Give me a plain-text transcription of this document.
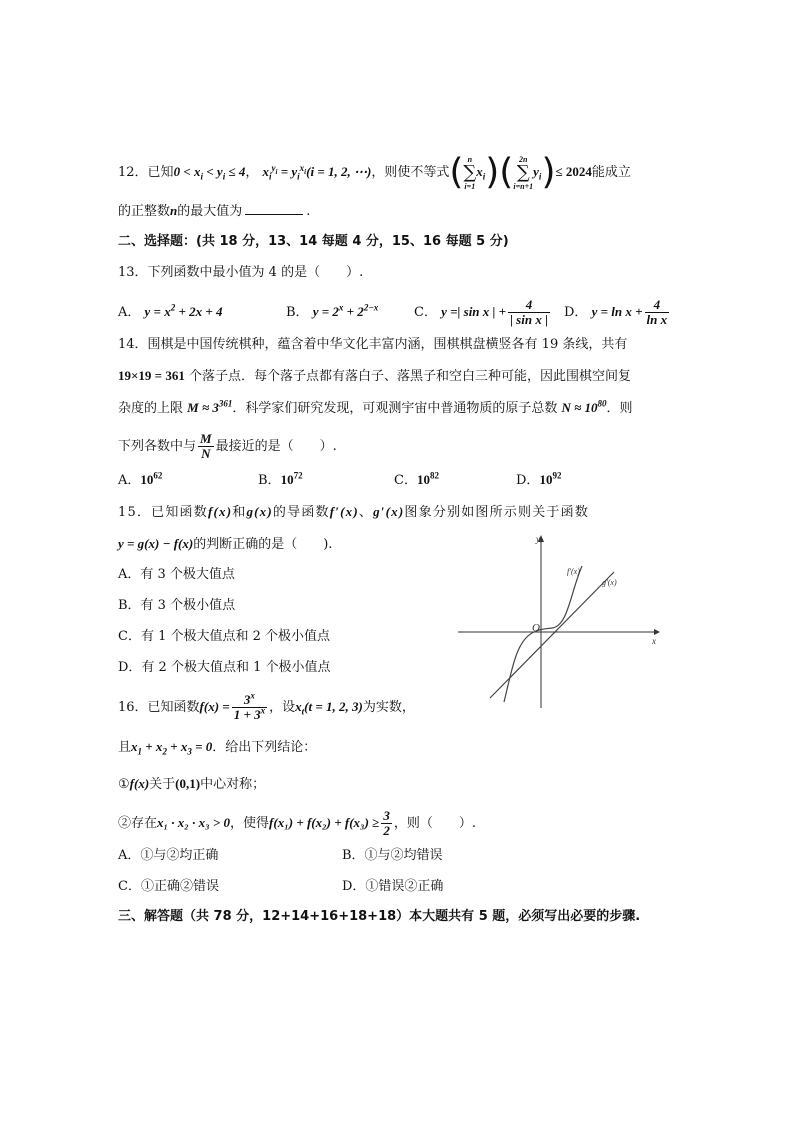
12．已知$0 < x_i < y_i \le 4$， $x_i^{y_i} = y_i^{x_i}(i = 1$, 2, ⋯)，则使不等式( n
∑
i=1
$x_i$)( 2n
∑
i=n+1
$y_i)\le 2024$能成立
的正整数n的最大值为	.
二、选择题：(共 18 分，13、14 每题 4 分，15、16 每题 5 分)
13．下列函数中最小值为 4 的是（　　）.
A． $y = x^2 + 2x + 4$	B． $y = 2^x + 2^{2-x}$	C． y =| sin x | + $\frac{4}{\text{| sin x |}}$ D． $y = \ln x + \frac{4}{\text{ln x}}$
14．围棋是中国传统棋种，蕴含着中华文化丰富内涵，围棋棋盘横竖各有 19 条线，共有
19×19 = 361 个落子点．每个落子点都有落白子、落黑子和空白三种可能，因此围棋空间复
杂度的上限 $M \approx 3^{361}$．科学家们研究发现，可观测宇宙中普通物质的原子总数 $N \approx 10^{80}$．则
下列各数中与 $\frac{M}{N}$ 最接近的是（　　）.
A．$10^{62}$	B．$10^{72}$	C．$10^{82}$	D．$10^{92}$
15．已知函数f(x)和g(x)的导函数f′(x)、g′(x)图象分别如图所示则关于函数
y = g(x) − f(x)的判断正确的是（　　).
A．有 3 个极大值点
B．有 3 个极小值点
C．有 1 个极大值点和 2 个极小值点
D．有 2 个极大值点和 1 个极小值点
y
x
O
f′(x)
g′(x)
16．已知函数$f(x) = \frac{3^x}{1 + 3^x}$ ，设$x_t(t = 1$, 2, 3)为实数，
且$x_1 + x_2 + x_3 = 0$．给出下列结论：
①f(x)关于(0,1)中心对称；
②存在x₁ · x₂ · x₃ > 0，使得$f(x_1) + f(x_2) + f(x_3) \ge \frac{3}{2}$ ，则（　　）.
A．①与②均正确	B．①与②均错误
C．①正确②错误	D．①错误②正确
三、解答题（共 78 分，12+14+16+18+18）本大题共有 5 题，必须写出必要的步骤.
